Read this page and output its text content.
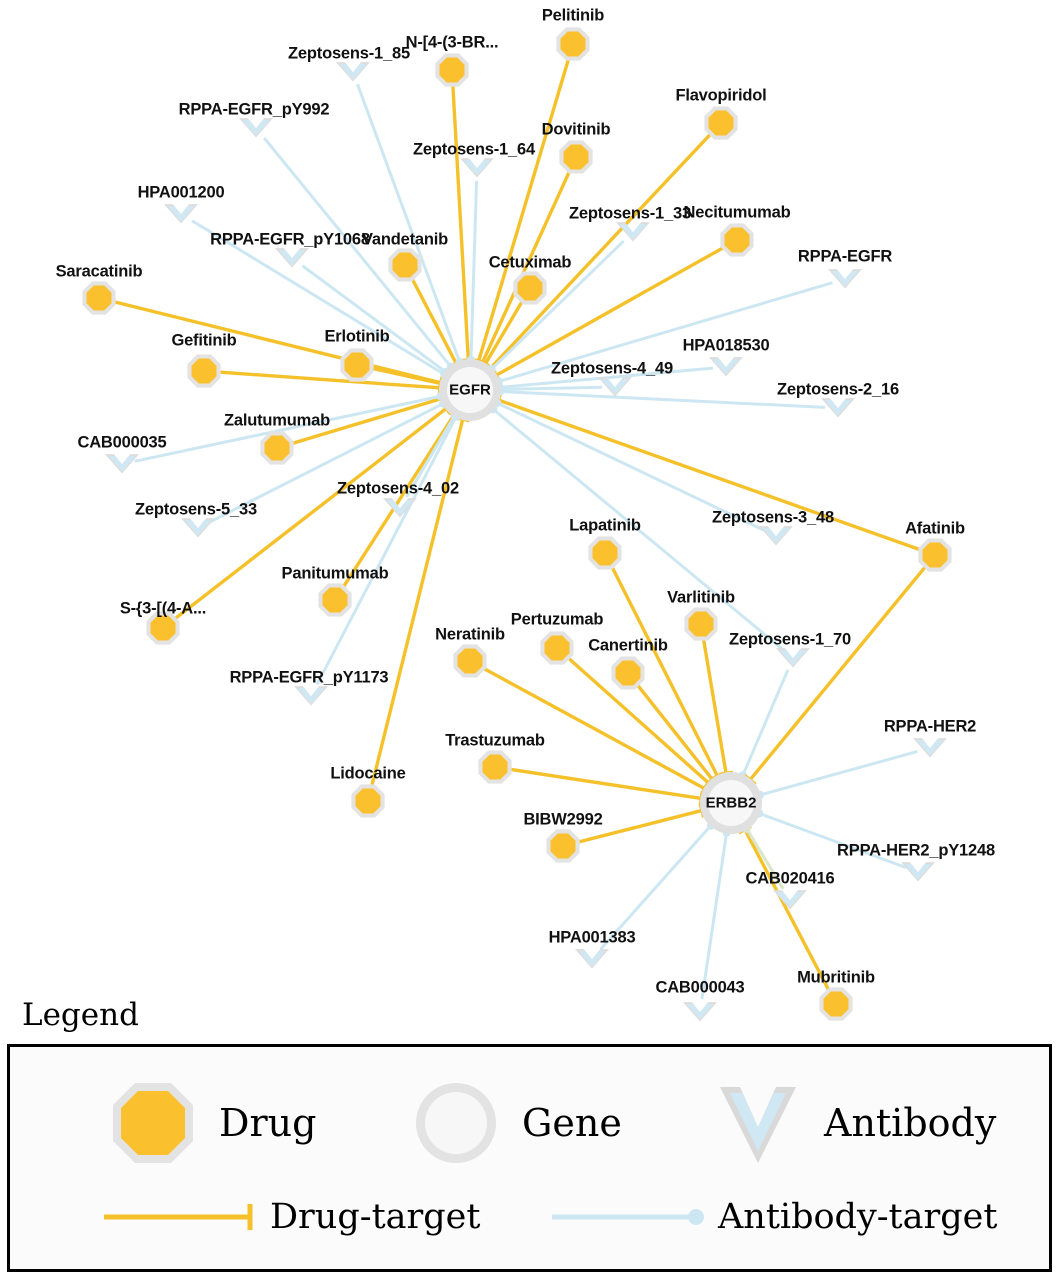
Zeptosens-1_85
RPPA-EGFR_pY992
Zeptosens-1_64
HPA001200
Zeptosens-1_33
RPPA-EGFR_pY1068
RPPA-EGFR
HPA018530
Zeptosens-4_49
Zeptosens-2_16
CAB000035
Zeptosens-4_02
Zeptosens-5_33	Zeptosens-3_48
Zeptosens-1_70
RPPA-EGFR_pY1173
RPPA-HER2
RPPA-HER2_pY1248
CAB020416
HPA001383
CAB000043
Pelitinib
N-[4-(3-BR...
Flavopiridol
Dovitinib
Necitumumab
Vandetanib
Cetuximab
Saracatinib
Erlotinib
Gefitinib
Zalutumumab
Afatinib
Lapatinib
Panitumumab
S-{3-[(4-A...
Varlitinib
Pertuzumab
Neratinib
Canertinib
Trastuzumab
Lidocaine
BIBW2992
Mubritinib
EGFR
ERBB2
Legend
Drug	Gene	Antibody
Drug-target	Antibody-target
